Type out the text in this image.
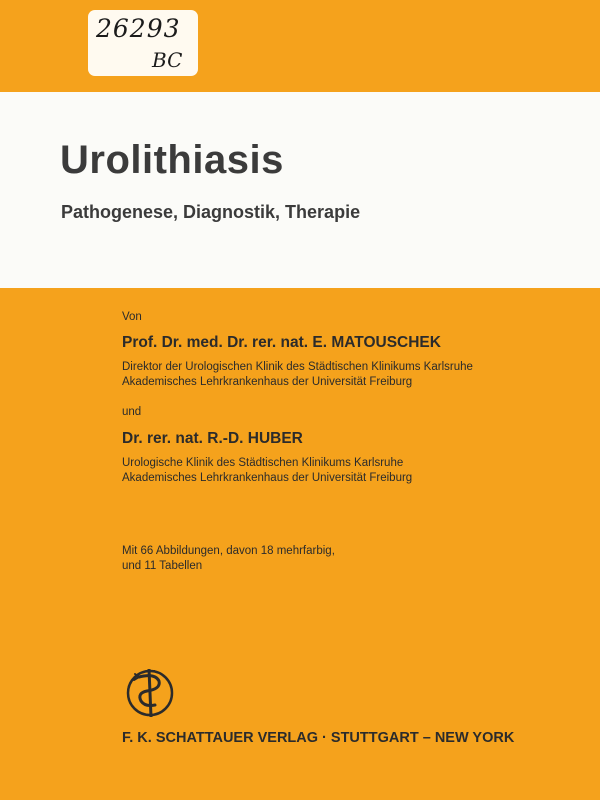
26293
BC
Urolithiasis
Pathogenese, Diagnostik, Therapie
Von
Prof. Dr. med. Dr. rer. nat. E. MATOUSCHEK
Direktor der Urologischen Klinik des Städtischen Klinikums Karlsruhe
Akademisches Lehrkrankenhaus der Universität Freiburg
und
Dr. rer. nat. R.-D. HUBER
Urologische Klinik des Städtischen Klinikums Karlsruhe
Akademisches Lehrkrankenhaus der Universität Freiburg
Mit 66 Abbildungen, davon 18 mehrfarbig,
und 11 Tabellen
F. K. SCHATTAUER VERLAG · STUTTGART – NEW YORK
